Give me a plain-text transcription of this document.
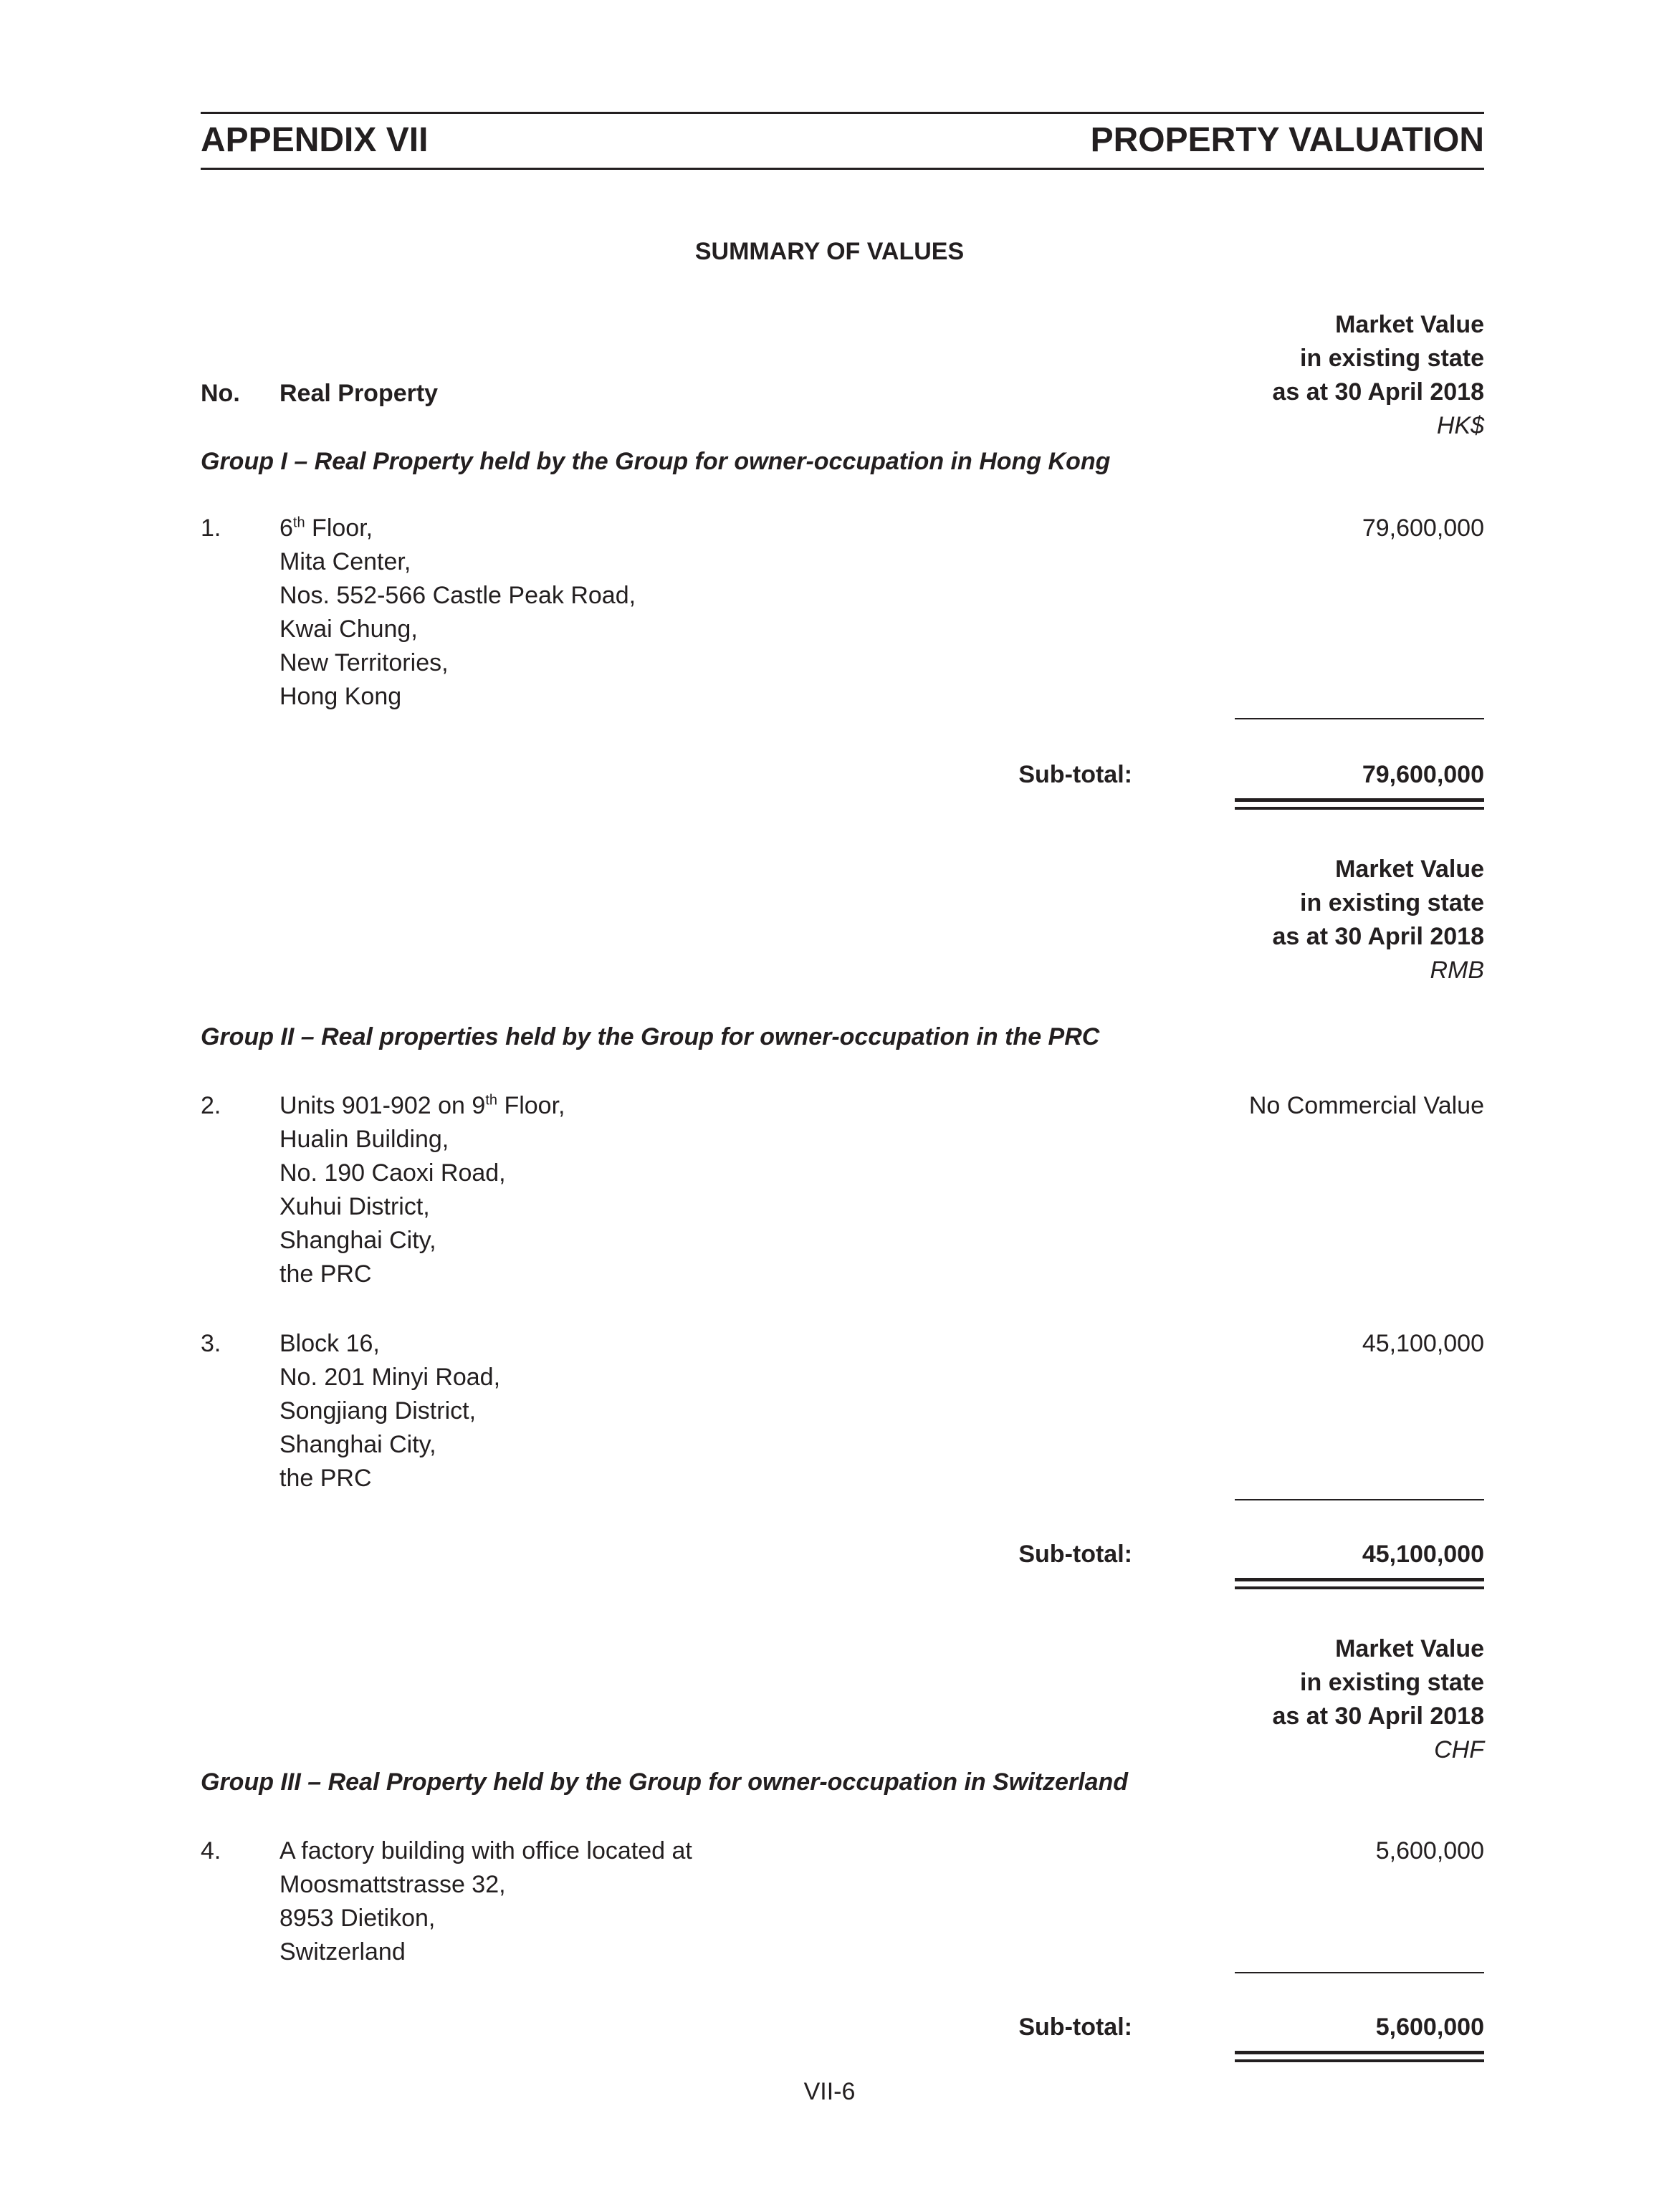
APPENDIX VII	PROPERTY VALUATION
SUMMARY OF VALUES
Market Value
in existing state
as at 30 April 2018
HK$
No. Real Property
Group I – Real Property held by the Group for owner-occupation in Hong Kong
1. 6th Floor,
Mita Center,
Nos. 552-566 Castle Peak Road,
Kwai Chung,
New Territories,
Hong Kong
79,600,000
Sub-total:	79,600,000
Market Value
in existing state
as at 30 April 2018
RMB
Group II – Real properties held by the Group for owner-occupation in the PRC
2. Units 901-902 on 9th Floor,
Hualin Building,
No. 190 Caoxi Road,
Xuhui District,
Shanghai City,
the PRC
No Commercial Value
3. Block 16,
No. 201 Minyi Road,
Songjiang District,
Shanghai City,
the PRC
45,100,000
Sub-total:	45,100,000
Market Value
in existing state
as at 30 April 2018
CHF
Group III – Real Property held by the Group for owner-occupation in Switzerland
4. A factory building with office located at
Moosmattstrasse 32,
8953 Dietikon,
Switzerland
5,600,000
Sub-total:	5,600,000
VII-6
